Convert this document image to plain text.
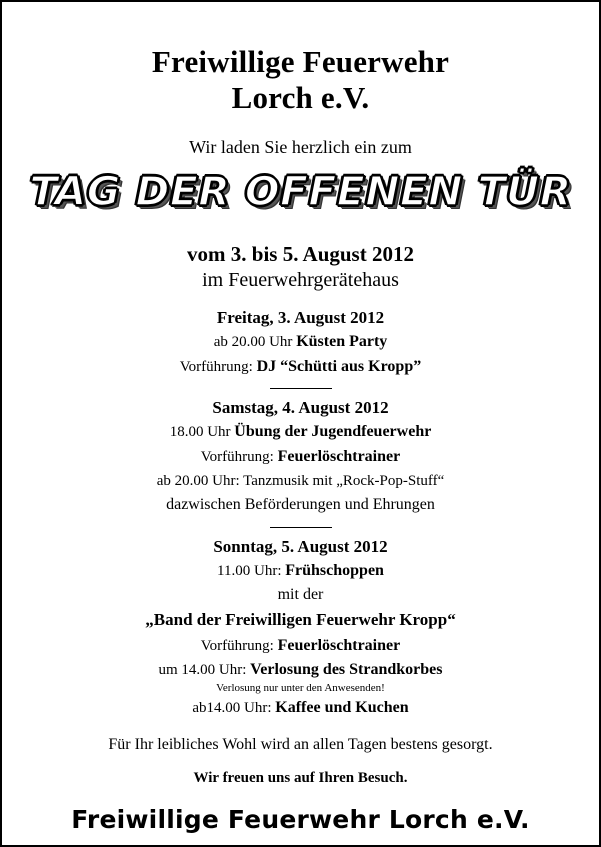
Freiwillige Feuerwehr
Lorch e.V.
Wir laden Sie herzlich ein zum
TAG DER OFFENEN TÜR
vom 3. bis 5. August 2012
im Feuerwehrgerätehaus
Freitag, 3. August 2012
ab 20.00 Uhr Küsten Party
Vorführung: DJ “Schütti aus Kropp”
Samstag, 4. August 2012
18.00 Uhr Übung der Jugendfeuerwehr
Vorführung: Feuerlöschtrainer
ab 20.00 Uhr: Tanzmusik mit „Rock-Pop-Stuff“
dazwischen Beförderungen und Ehrungen
Sonntag, 5. August 2012
11.00 Uhr: Frühschoppen
mit der
„Band der Freiwilligen Feuerwehr Kropp“
Vorführung: Feuerlöschtrainer
um 14.00 Uhr: Verlosung des Strandkorbes
Verlosung nur unter den Anwesenden!
ab14.00 Uhr: Kaffee und Kuchen
Für Ihr leibliches Wohl wird an allen Tagen bestens gesorgt.
Wir freuen uns auf Ihren Besuch.
Freiwillige Feuerwehr Lorch e.V.
